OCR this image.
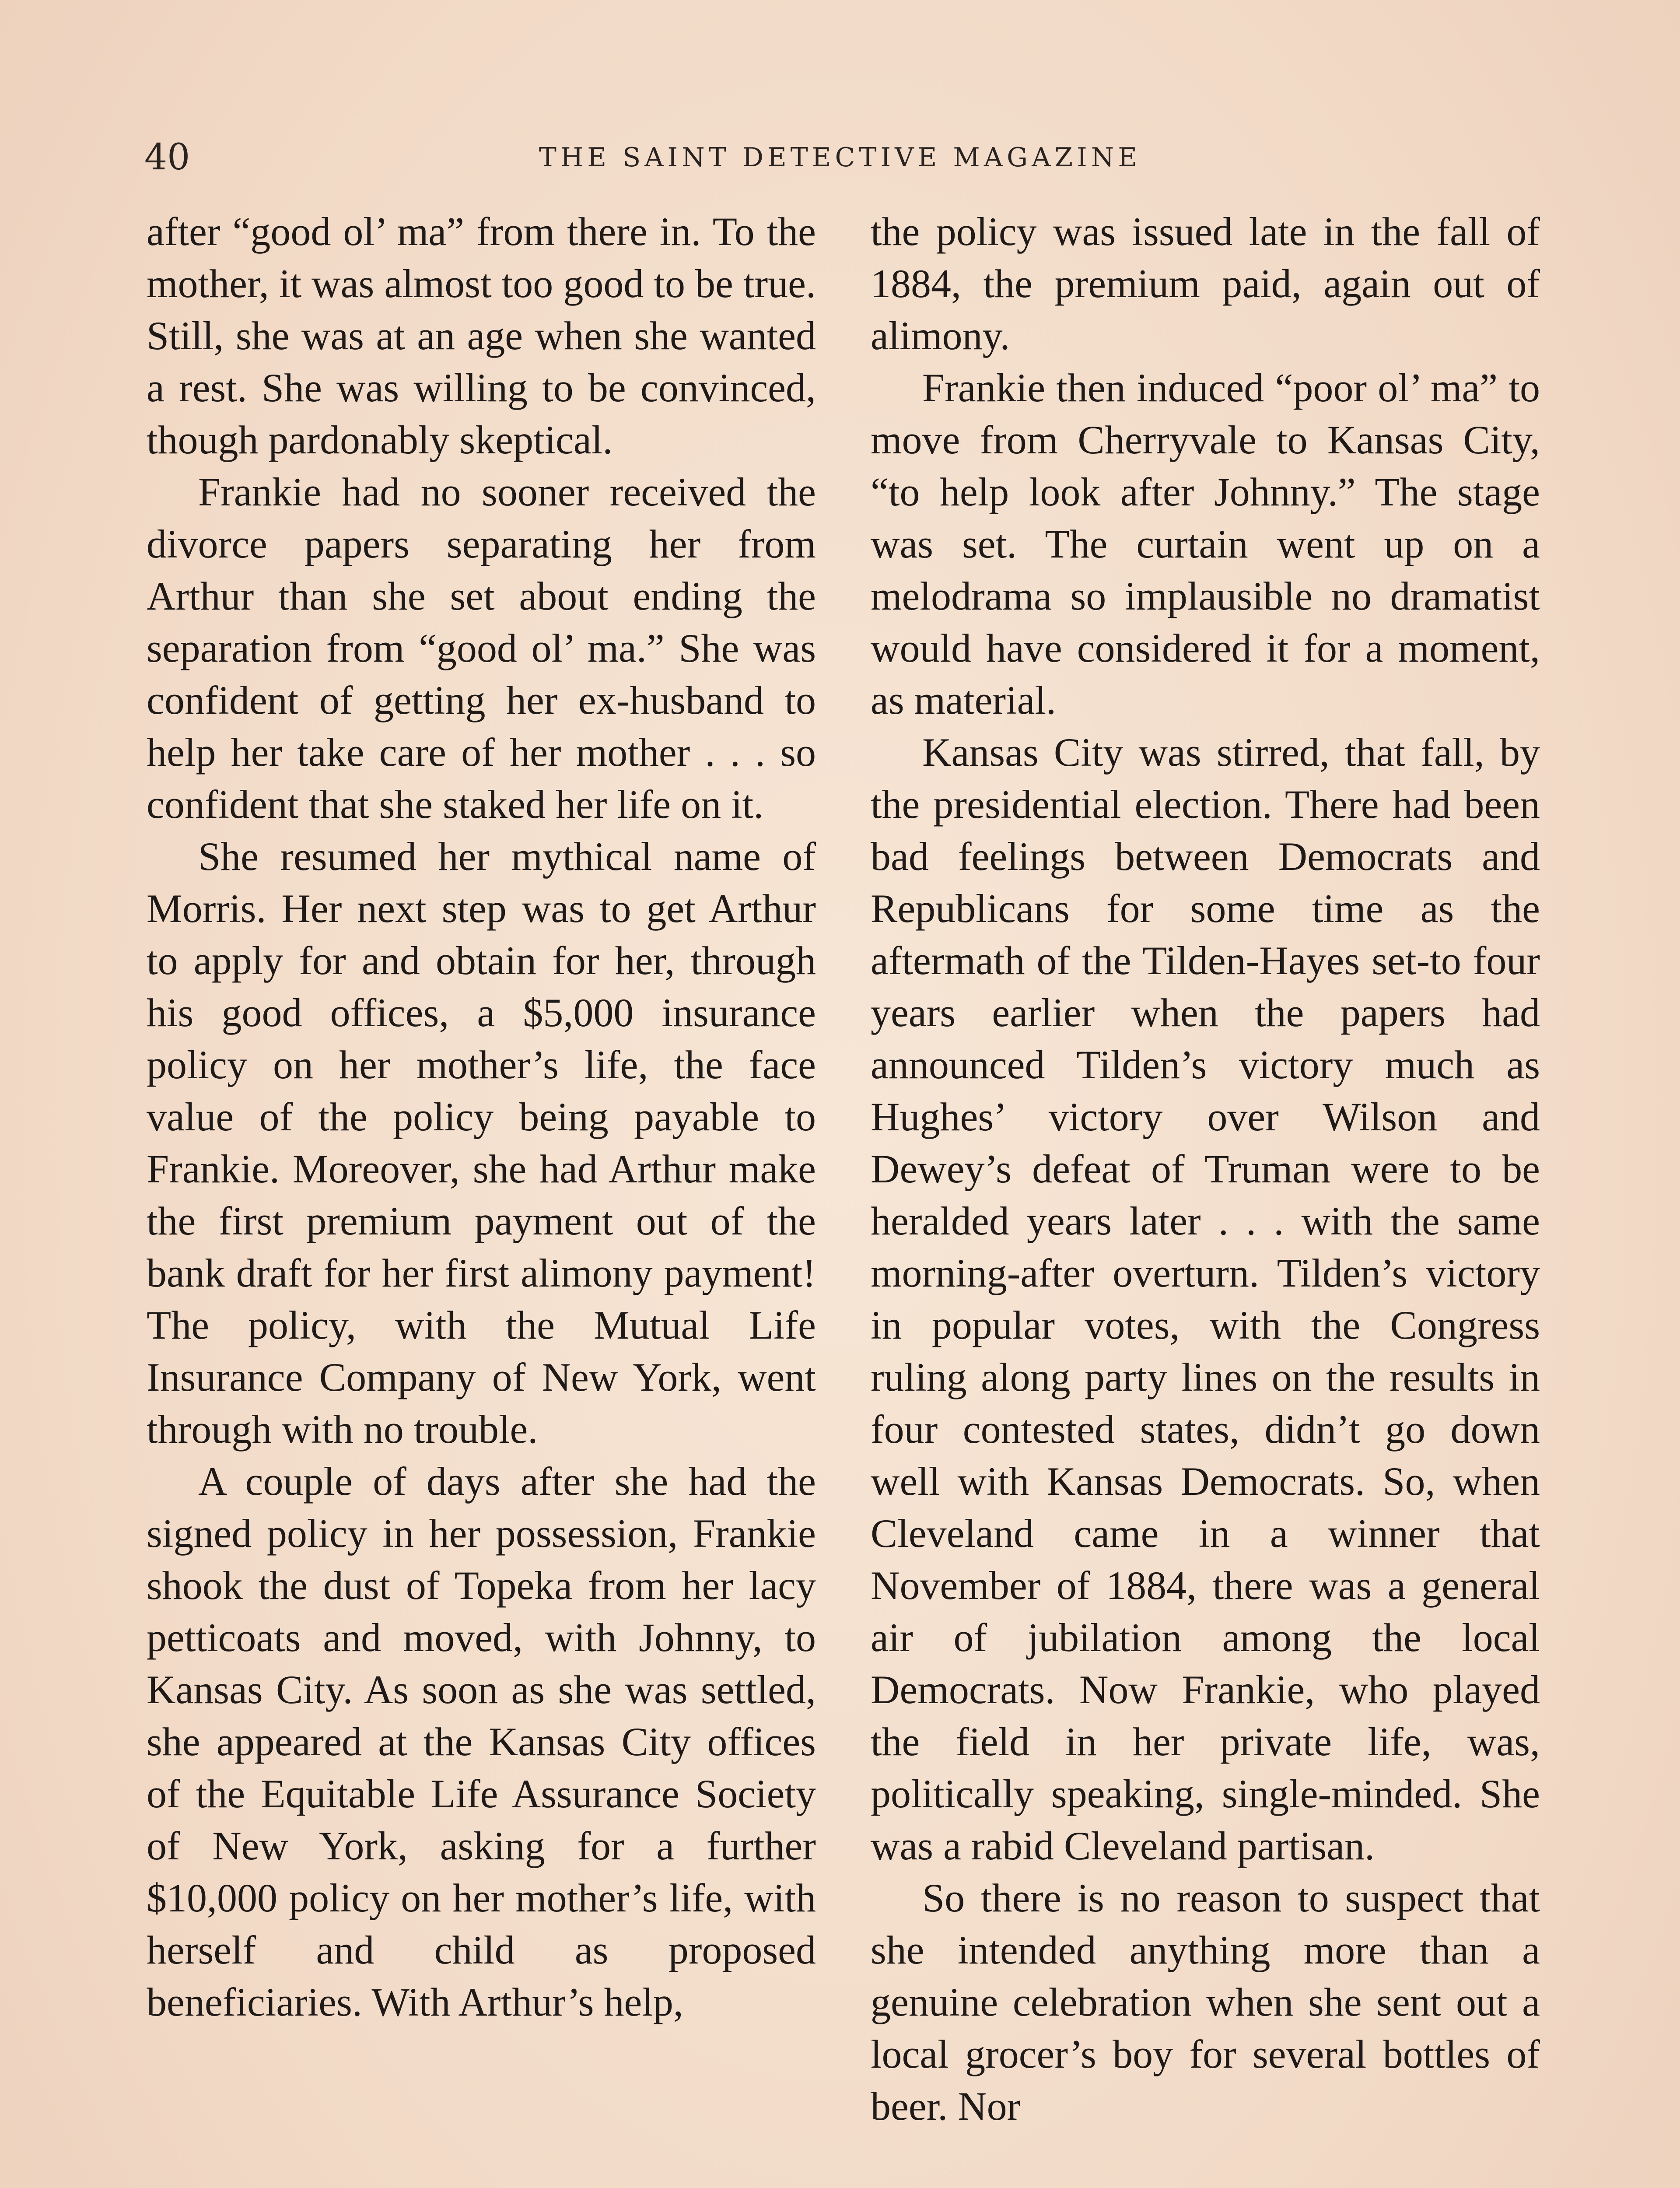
40	THE SAINT DETECTIVE MAGAZINE

after “good ol’ ma” from there in. To the mother, it was almost too good to be true. Still, she was at an age when she wanted a rest. She was willing to be convinced, though pardonably skeptical.

Frankie had no sooner received the divorce papers separating her from Arthur than she set about ending the separation from “good ol’ ma.” She was confident of getting her ex-husband to help her take care of her mother . . . so confident that she staked her life on it.

She resumed her mythical name of Morris. Her next step was to get Arthur to apply for and obtain for her, through his good offices, a $5,000 insurance policy on her mother’s life, the face value of the policy being payable to Frankie. Moreover, she had Arthur make the first premium payment out of the bank draft for her first alimony payment! The policy, with the Mutual Life Insurance Company of New York, went through with no trouble.

A couple of days after she had the signed policy in her possession, Frankie shook the dust of Topeka from her lacy petticoats and moved, with Johnny, to Kansas City. As soon as she was settled, she appeared at the Kansas City offices of the Equitable Life Assurance Society of New York, asking for a further $10,000 policy on her mother’s life, with herself and child as proposed beneficiaries. With Arthur’s help,

the policy was issued late in the fall of 1884, the premium paid, again out of alimony.

Frankie then induced “poor ol’ ma” to move from Cherryvale to Kansas City, “to help look after Johnny.” The stage was set. The curtain went up on a melodrama so implausible no dramatist would have considered it for a moment, as material.

Kansas City was stirred, that fall, by the presidential election. There had been bad feelings between Democrats and Republicans for some time as the aftermath of the Tilden-Hayes set-to four years earlier when the papers had announced Tilden’s victory much as Hughes’ victory over Wilson and Dewey’s defeat of Truman were to be heralded years later . . . with the same morning-after overturn. Tilden’s victory in popular votes, with the Congress ruling along party lines on the results in four contested states, didn’t go down well with Kansas Democrats. So, when Cleveland came in a winner that November of 1884, there was a general air of jubilation among the local Democrats. Now Frankie, who played the field in her private life, was, politically speaking, single-minded. She was a rabid Cleveland partisan.

So there is no reason to suspect that she intended anything more than a genuine celebration when she sent out a local grocer’s boy for several bottles of beer. Nor
